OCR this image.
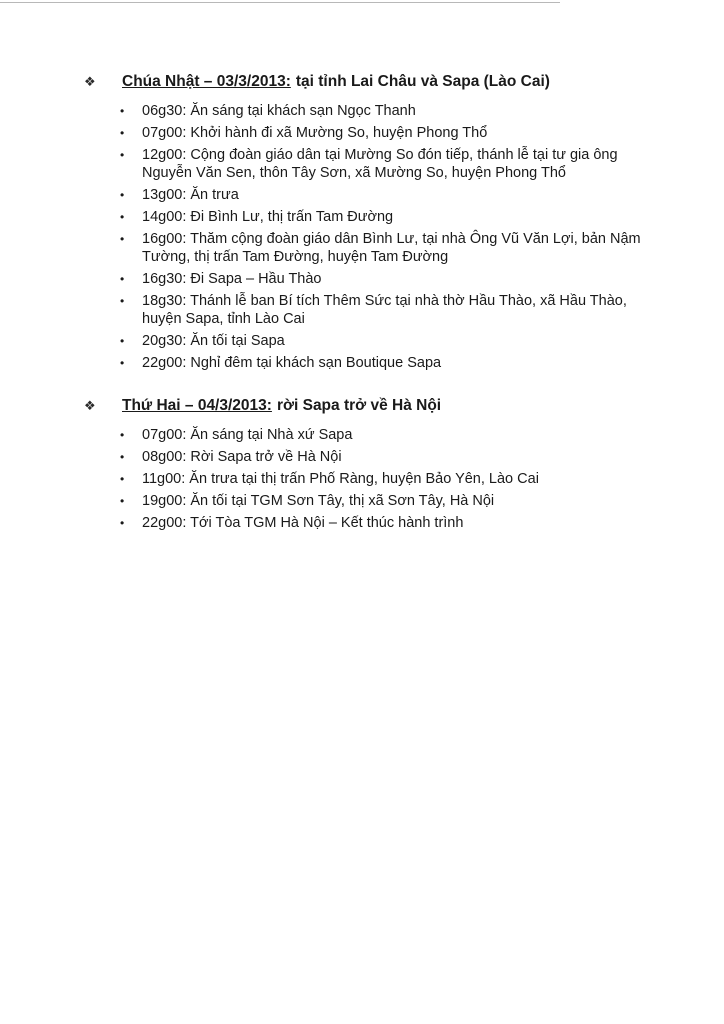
❖	Chúa Nhật – 03/3/2013: tại tỉnh Lai Châu và Sapa (Lào Cai)
• 06g30: Ăn sáng tại khách sạn Ngọc Thanh
• 07g00: Khởi hành đi xã Mường So, huyện Phong Thổ
• 12g00: Cộng đoàn giáo dân tại Mường So đón tiếp, thánh lễ tại tư gia ông Nguyễn Văn Sen, thôn Tây Sơn, xã Mường So, huyện Phong Thổ
• 13g00: Ăn trưa
• 14g00: Đi Bình Lư, thị trấn Tam Đường
• 16g00: Thăm cộng đoàn giáo dân Bình Lư, tại nhà Ông Vũ Văn Lợi, bản Nậm Tường, thị trấn Tam Đường, huyện Tam Đường
• 16g30: Đi Sapa – Hầu Thào
• 18g30: Thánh lễ ban Bí tích Thêm Sức tại nhà thờ Hầu Thào, xã Hầu Thào, huyện Sapa, tỉnh Lào Cai
• 20g30: Ăn tối tại Sapa
• 22g00: Nghỉ đêm tại khách sạn Boutique Sapa
❖	Thứ Hai – 04/3/2013: rời Sapa trở về Hà Nội
• 07g00: Ăn sáng tại Nhà xứ Sapa
• 08g00: Rời Sapa trở về Hà Nội
• 11g00: Ăn trưa tại thị trấn Phố Ràng, huyện Bảo Yên, Lào Cai
• 19g00: Ăn tối tại TGM Sơn Tây, thị xã Sơn Tây, Hà Nội
• 22g00: Tới Tòa TGM Hà Nội – Kết thúc hành trình
